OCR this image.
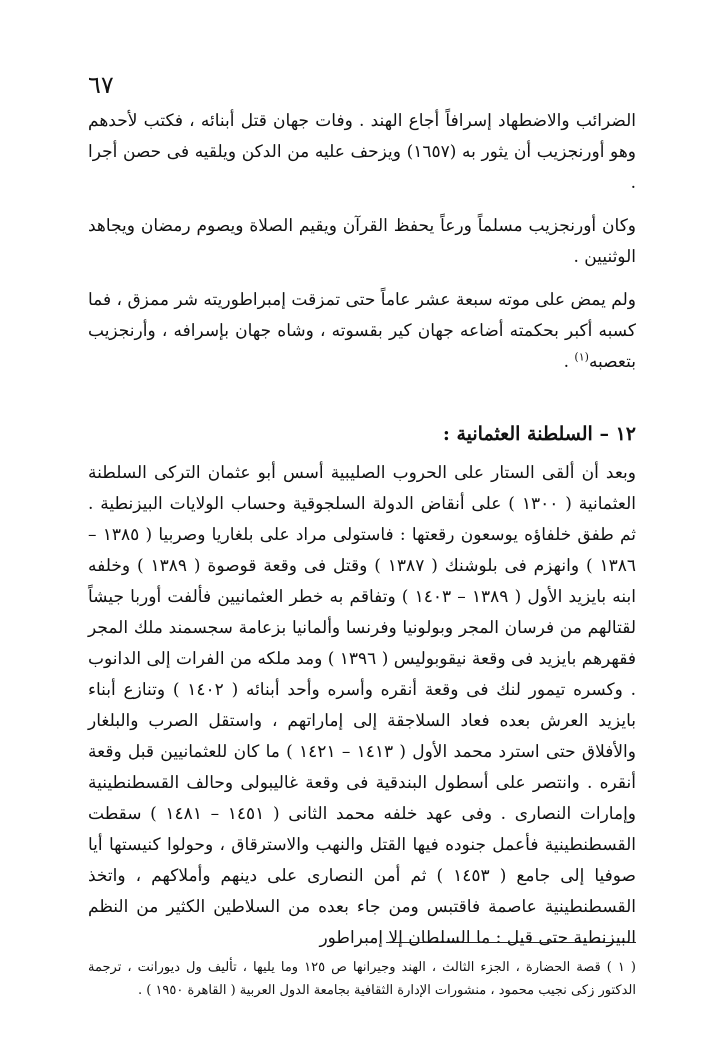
٦٧

الضرائب والاضطهاد إسرافاً أجاع الهند . وفات جهان قتل أبنائه ، فكتب لأحدهم وهو أورنجزيب أن يثور به (١٦٥٧) ويزحف عليه من الدكن ويلقيه فى حصن أجرا .

وكان أورنجزيب مسلماً ورعاً يحفظ القرآن ويقيم الصلاة ويصوم رمضان ويجاهد الوثنيين .

ولم يمض على موته سبعة عشر عاماً حتى تمزقت إمبراطوريته شر ممزق ، فما كسبه أكبر بحكمته أضاعه جهان كير بقسوته ، وشاه جهان بإسرافه ، وأرنجزيب بتعصبه$^{(١)}$ .

١٢ – السلطنة العثمانية :

وبعد أن ألقى الستار على الحروب الصليبية أسس أبو عثمان التركى السلطنة العثمانية ( ١٣٠٠ ) على أنقاض الدولة السلجوقية وحساب الولايات البيزنطية . ثم طفق خلفاؤه يوسعون رقعتها : فاستولى مراد على بلغاريا وصربيا ( ١٣٨٥ – ١٣٨٦ ) وانهزم فى بلوشنك ( ١٣٨٧ ) وقتل فى وقعة قوصوة ( ١٣٨٩ ) وخلفه ابنه بايزيد الأول ( ١٣٨٩ – ١٤٠٣ ) وتفاقم به خطر العثمانيين فألفت أوربا جيشاً لقتالهم من فرسان المجر وبولونيا وفرنسا وألمانيا بزعامة سجسمند ملك المجر فقهرهم بايزيد فى وقعة نيقوبوليس ( ١٣٩٦ ) ومد ملكه من الفرات إلى الدانوب . وكسره تيمور لنك فى وقعة أنقره وأسره وأحد أبنائه ( ١٤٠٢ ) وتنازع أبناء بايزيد العرش بعده فعاد السلاجقة إلى إماراتهم ، واستقل الصرب والبلغار والأفلاق حتى استرد محمد الأول ( ١٤١٣ – ١٤٢١ ) ما كان للعثمانيين قبل وقعة أنقره . وانتصر على أسطول البندقية فى وقعة غاليبولى وحالف القسطنطينية وإمارات النصارى . وفى عهد خلفه محمد الثانى ( ١٤٥١ – ١٤٨١ ) سقطت القسطنطينية فأعمل جنوده فيها القتل والنهب والاسترقاق ، وحولوا كنيستها أيا صوفيا إلى جامع ( ١٤٥٣ ) ثم أمن النصارى على دينهم وأملاكهم ، واتخذ القسطنطينية عاصمة فاقتبس ومن جاء بعده من السلاطين الكثير من النظم البيزنطية حتى قيل : ما السلطان إلا إمبراطور

( ١ ) قصة الحضارة ، الجزء الثالث ، الهند وجيرانها ص ١٢٥ وما يليها ، تأليف ول ديورانت ، ترجمة الدكتور زكى نجيب محمود ، منشورات الإدارة الثقافية بجامعة الدول العربية ( القاهرة ١٩٥٠ ) .
